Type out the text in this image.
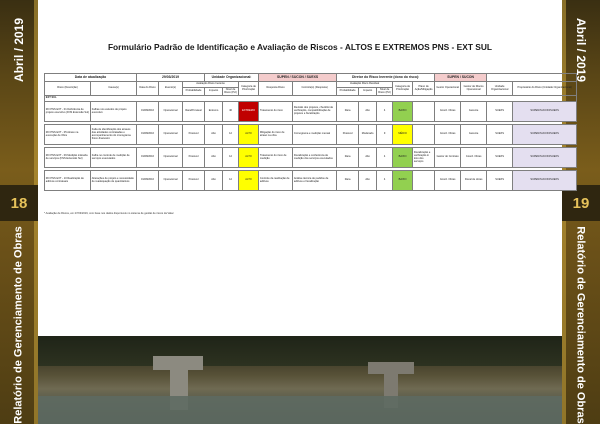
Abril / 2019
18
Relatório de Gerenciamento de Obras
Abril / 2019
19
Relatório de Gerenciamento de Obras
Formulário Padrão de Identificação e Avaliação de Riscos - ALTOS E EXTREMOS PNS - EXT SUL
Data de atualização		29/03/2019			Unidade Organizacional:			SUPEN / SUCON / SUEXS		Diretor do Risco Inerente (dono do risco):					SUPEN / SUCON			
Risco (Descrição)	Causa(s)	Data do Risco	Evento(s)	Avaliação Risco Inerente			Categoria de Priorização	Resposta Risco	Controle(s) (Resposta)	Avaliação Risco Residual			Categoria de Priorização	Plano de Ação/Mitigação	Gestor Operacional	Gestor de Riscos Operacional	Unidade Organizacional	Proprietário do Risco (Unidade Organizacional)
				Probabilidade	Impacto	Nível de Risco (PxI)				Probabilidade	Impacto	Nível de Risco (PxI)						
EXT SUL																		
RO PNS EXT - 01 Deficiência de projeto executivo (FNS Extensão Sul)	Falhas nos estudos de projeto executivo	01/08/2016	Operacional	Rara/Provável	Extremo	40	EXTREMO	Tratamento do risco	Revisão dos projetos, checklist de verificação, compatibilização de projetos e fiscalização	Rara	Alto	4	BAIXO		Coord. Obras	Gerente	SUEXS	SUPEN/SUCON/SUEXS

RO PNS EXT - 05 Atraso na execução de Obra	Falta de identificação dos atrasos das atividades contratadas e acompanhamento do cronograma físico-financeiro	01/08/2016	Operacional	Possível	Alto	12	ALTO	Mitigação do risco de atraso na obra	Cronograma e medição mensal	Possível	Moderado	9	MÉDIO		Coord. Obras	Gerente	SUEXS	SUPEN/SUCON/SUEXS

RO PNS EXT - 09 Medição indevida de serviços (FNS Extensão Sul)	Falha no controle de medição de serviços executados	01/08/2016	Operacional	Possível	Alto	12	ALTO	Tratamento do risco de medição	Fiscalização e conferência de medição dos serviços executados	Rara	Alto	4	BAIXO	Fiscalização e verificação in loco dos serviços	Gestor do Contrato	Coord. Obras	SUEXS	SUPEN/SUCON/SUEXS

RO PNS EXT - 10 Realização de aditivos contratuais	Alterações de projeto e necessidade de readequação de quantitativos	01/08/2016	Operacional	Possível	Alto	12	ALTO	Controle da realização de aditivos	Análise técnica de pedidos de aditivos e fiscalização	Rara	Alto	4	BAIXO		Coord. Obras	Fiscal de obras	SUEXS	SUPEN/SUCON/SUEXS
* Avaliação de Riscos, em 27/03/2019, com base nos dados disponíveis no sistema de gestão de riscos da Valec
